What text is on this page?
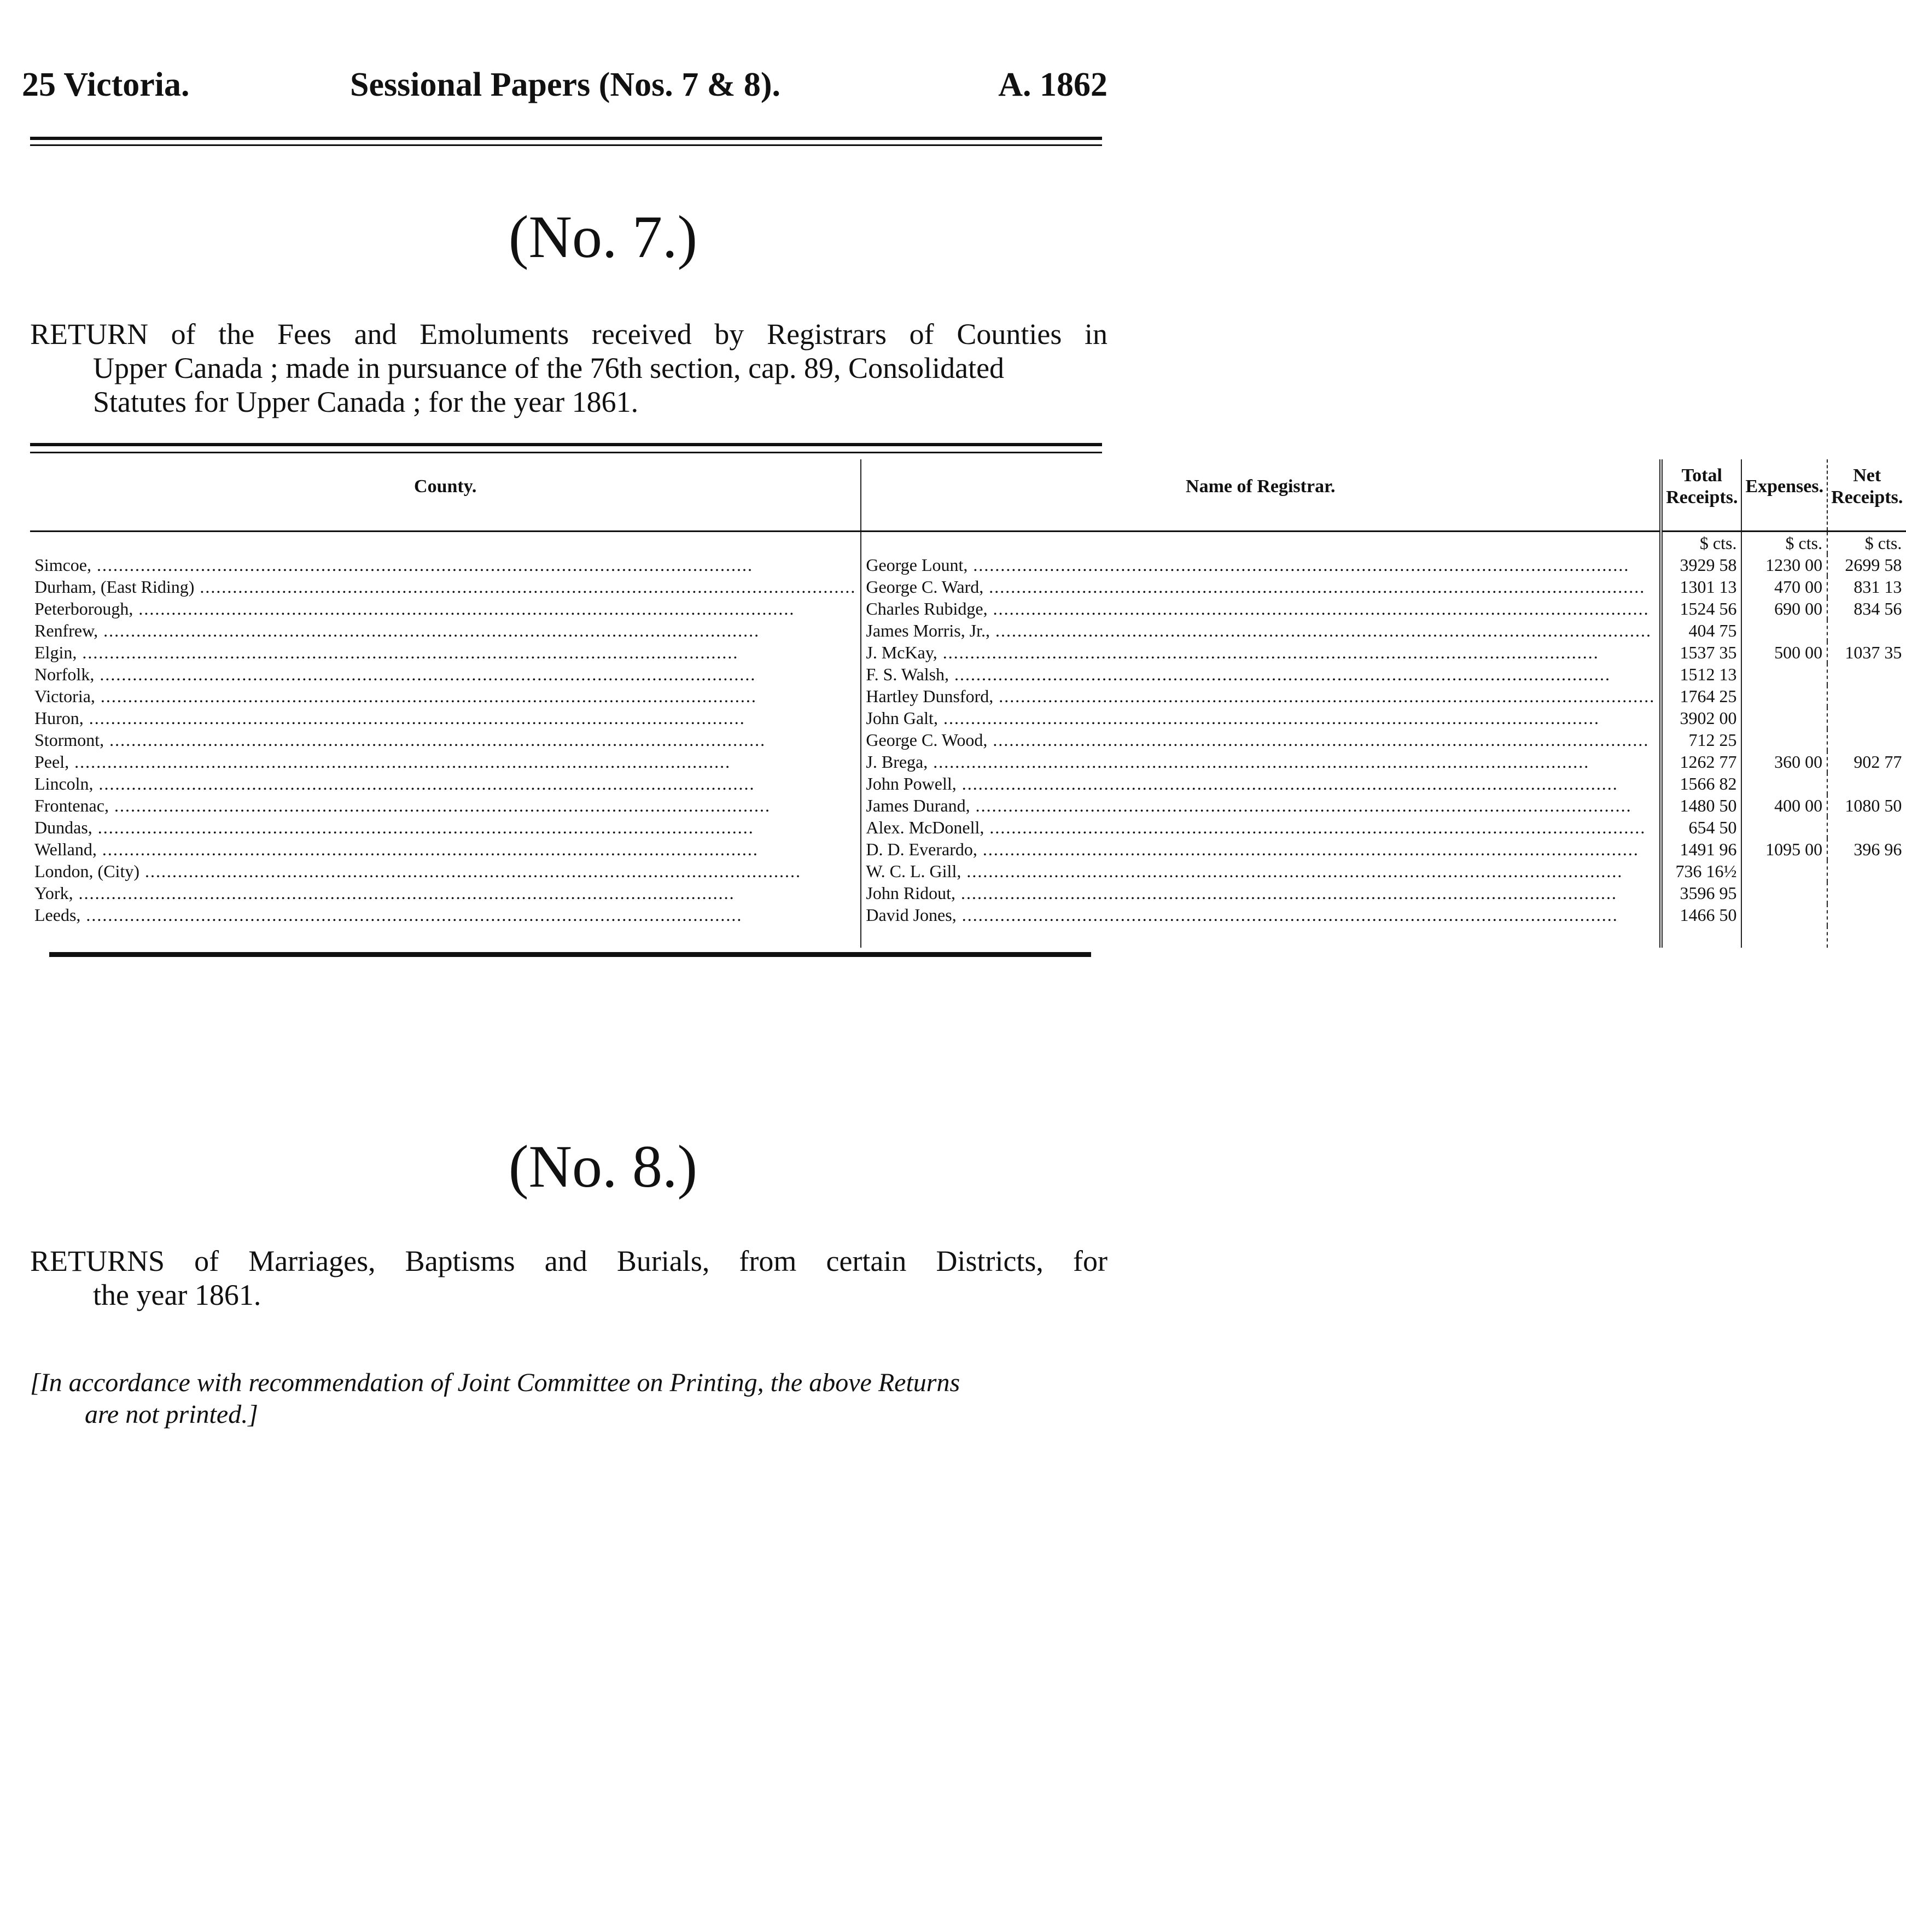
25 Victoria.	Sessional Papers (Nos. 7 & 8).	A. 1862
(No. 7.)
RETURN of the Fees and Emoluments received by Registrars of Counties in
Upper Canada ; made in pursuance of the 76th section, cap. 89, Consolidated
Statutes for Upper Canada ; for the year 1861.
County.	Name of Registrar.	Total Receipts.	Expenses.	Net Receipts.
		$ cts.	$ cts.	$ cts.
Simcoe, .....	George Lount, .....	3929 58	1230 00	2699 58
Durham, (East Riding) .....	George C. Ward, .....	1301 13	470 00	831 13
Peterborough, .....	Charles Rubidge, .....	1524 56	690 00	834 56
Renfrew, .....	James Morris, Jr., .....	404 75		
Elgin, .....	J. McKay, .....	1537 35	500 00	1037 35
Norfolk, .....	F. S. Walsh, .....	1512 13		
Victoria, .....	Hartley Dunsford, .....	1764 25		
Huron, .....	John Galt, .....	3902 00		
Stormont, .....	George C. Wood, .....	712 25		
Peel, .....	J. Brega, .....	1262 77	360 00	902 77
Lincoln, .....	John Powell, .....	1566 82		
Frontenac, .....	James Durand, .....	1480 50	400 00	1080 50
Dundas, .....	Alex. McDonell, .....	654 50		
Welland, .....	D. D. Everardo, .....	1491 96	1095 00	396 96
London, (City) .....	W. C. L. Gill, .....	736 16½		
York, .....	John Ridout, .....	3596 95		
Leeds, .....	David Jones, .....	1466 50		

(No. 8.)
RETURNS of Marriages, Baptisms and Burials, from certain Districts, for
the year 1861.
[In accordance with recommendation of Joint Committee on Printing, the above Returns
are not printed.]
